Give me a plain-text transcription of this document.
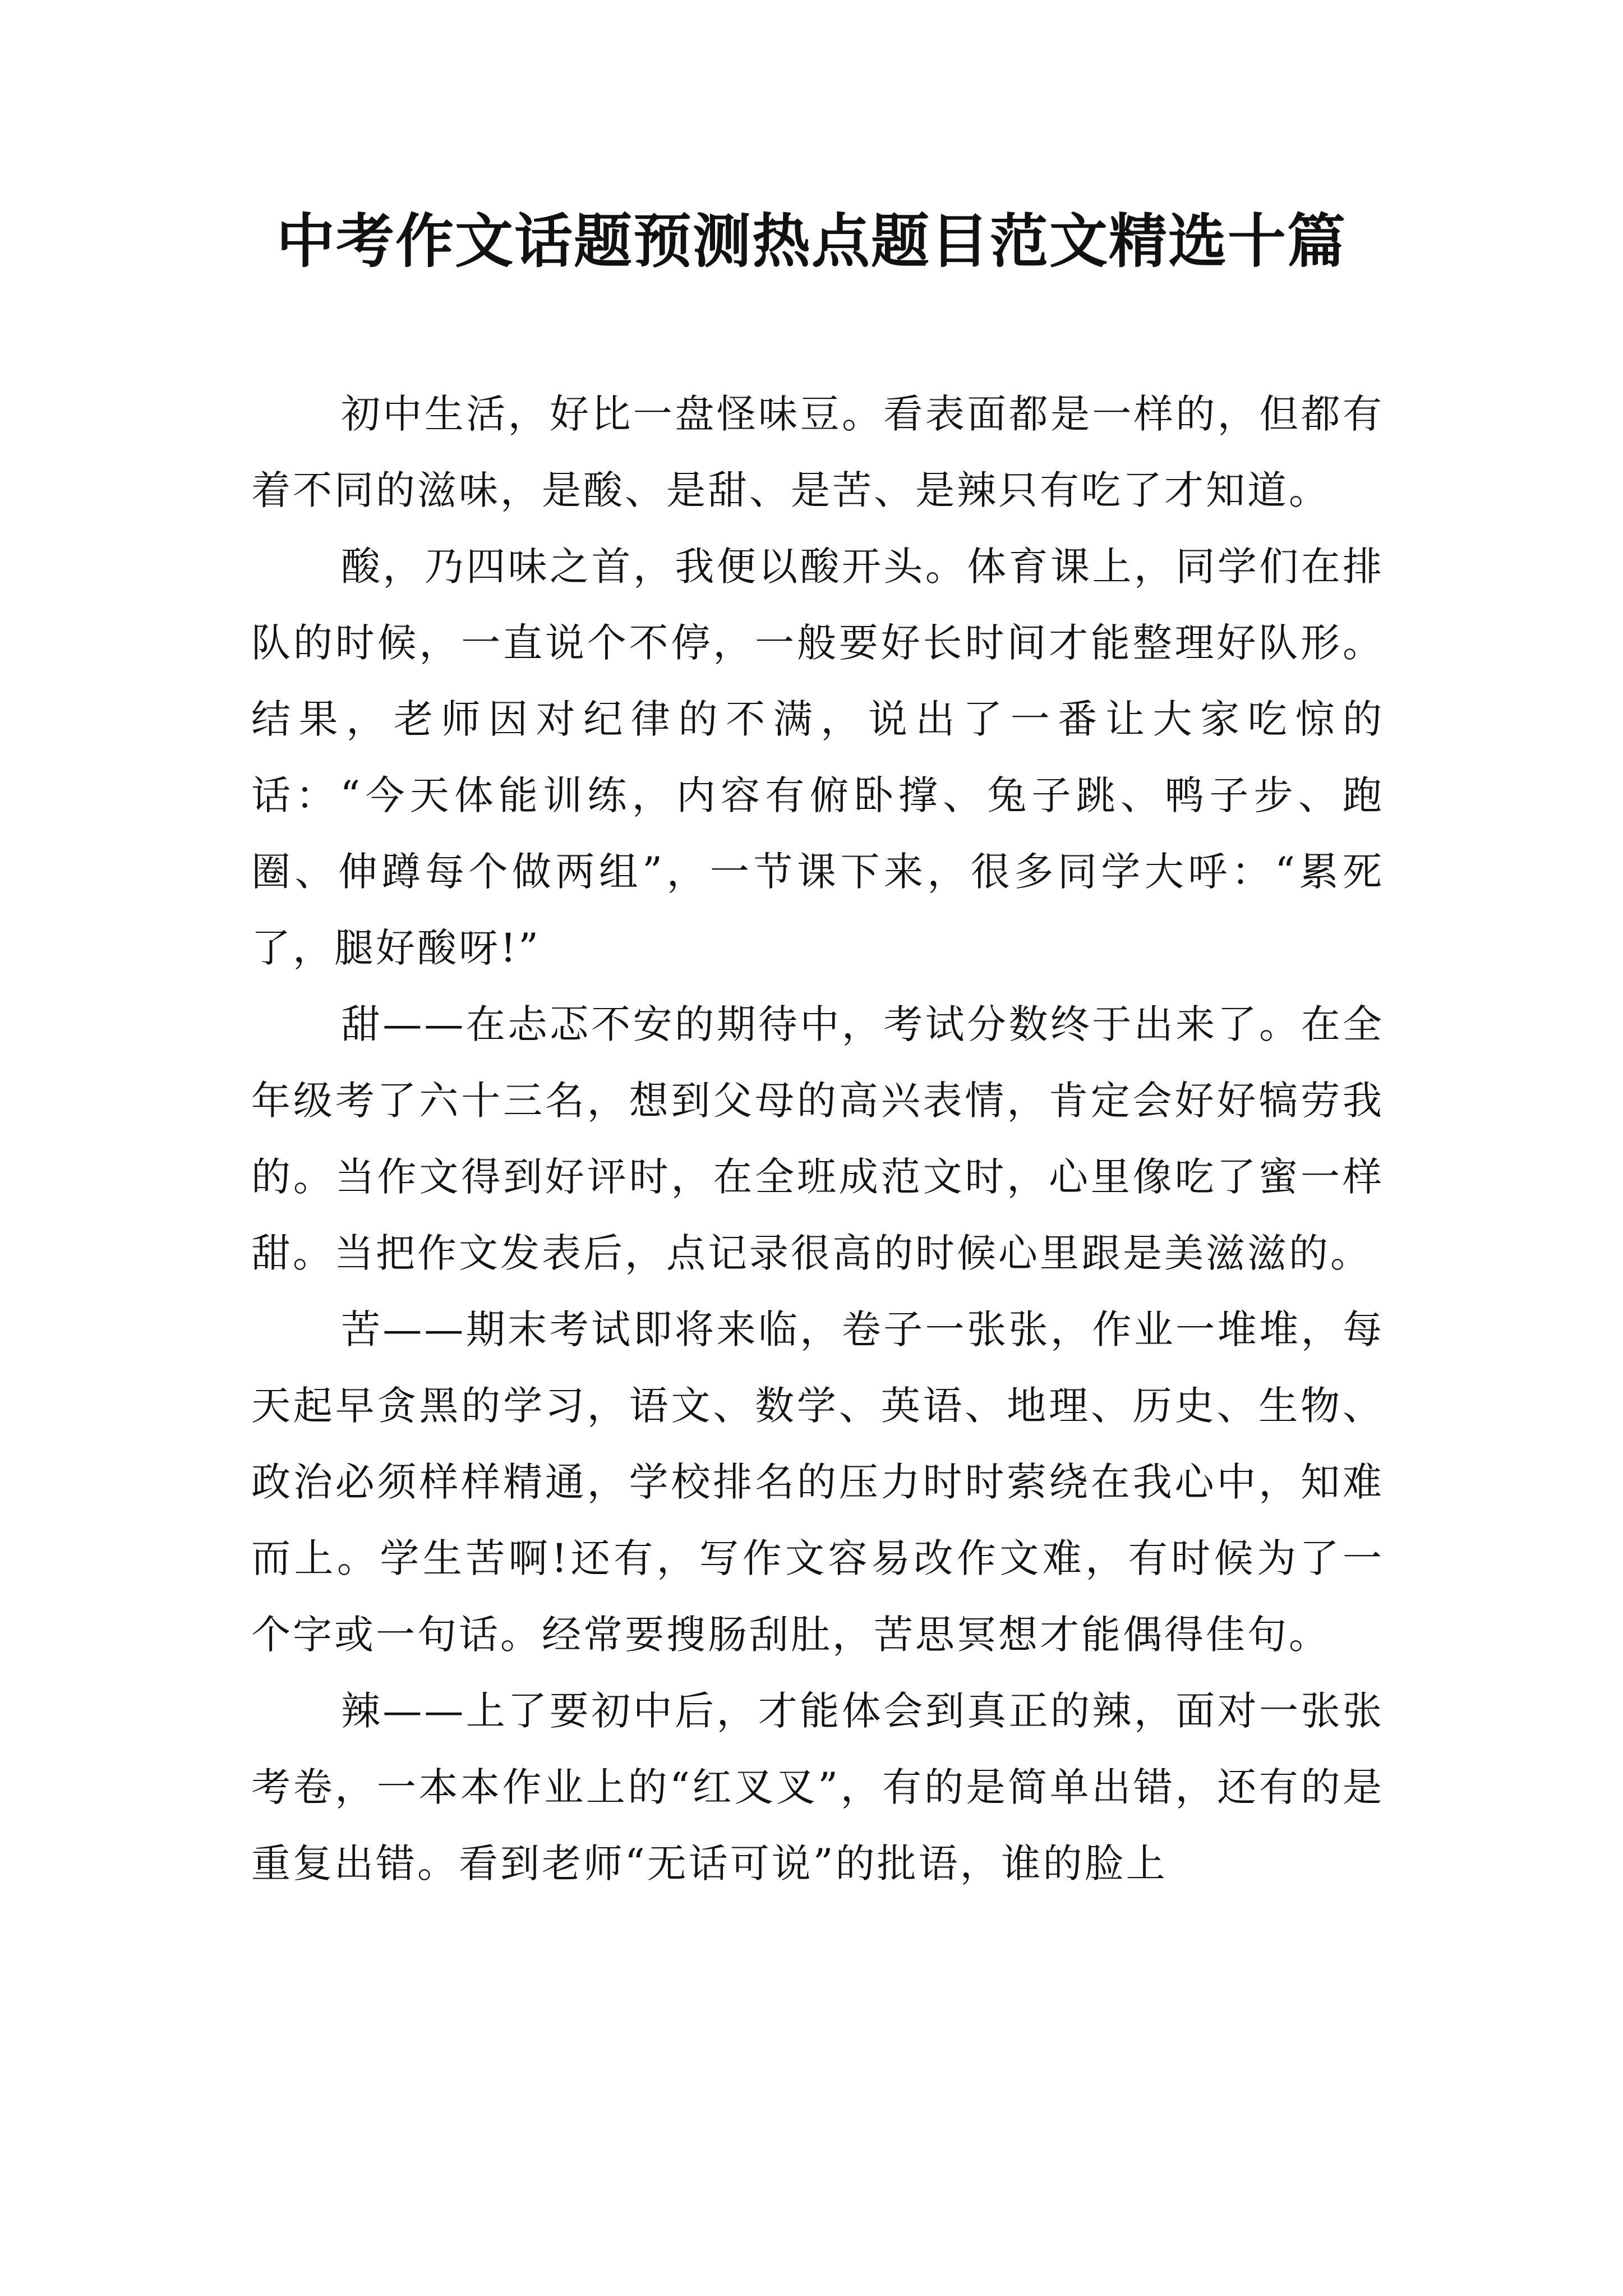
中考作文话题预测热点题目范文精选十篇

初中生活，好比一盘怪味豆。看表面都是一样的，但都有着不同的滋味，是酸、是甜、是苦、是辣只有吃了才知道。

酸，乃四味之首，我便以酸开头。体育课上，同学们在排队的时候，一直说个不停，一般要好长时间才能整理好队形。结果，老师因对纪律的不满，说出了一番让大家吃惊的话：“今天体能训练，内容有俯卧撑、兔子跳、鸭子步、跑圈、伸蹲每个做两组”，一节课下来，很多同学大呼：“累死了，腿好酸呀!”

甜——在忐忑不安的期待中，考试分数终于出来了。在全年级考了六十三名，想到父母的高兴表情，肯定会好好犒劳我的。当作文得到好评时，在全班成范文时，心里像吃了蜜一样甜。当把作文发表后，点记录很高的时候心里跟是美滋滋的。

苦——期末考试即将来临，卷子一张张，作业一堆堆，每天起早贪黑的学习，语文、数学、英语、地理、历史、生物、政治必须样样精通，学校排名的压力时时萦绕在我心中，知难而上。学生苦啊!还有，写作文容易改作文难，有时候为了一个字或一句话。经常要搜肠刮肚，苦思冥想才能偶得佳句。

辣——上了要初中后，才能体会到真正的辣，面对一张张考卷，一本本作业上的“红叉叉”，有的是简单出错，还有的是重复出错。看到老师“无话可说”的批语，谁的脸上
